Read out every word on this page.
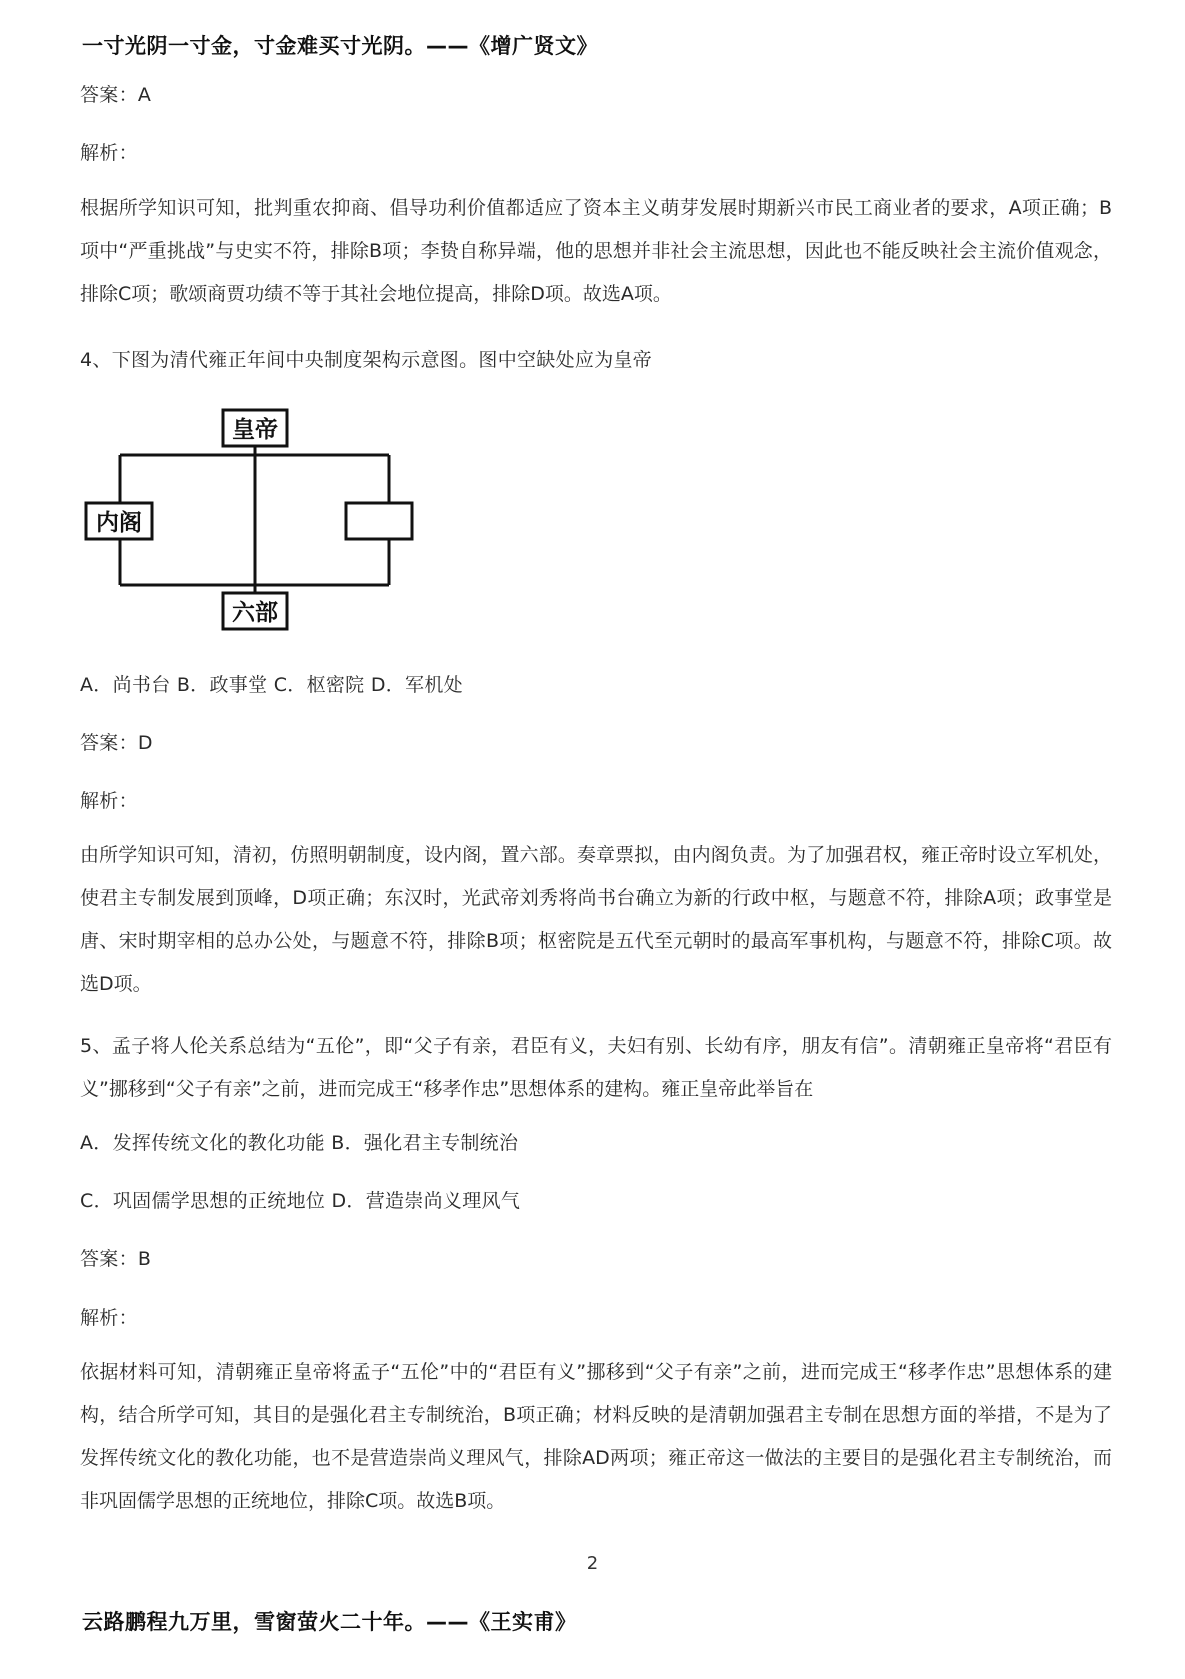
一寸光阴一寸金，寸金难买寸光阴。——《增广贤文》
答案：A
解析：
根据所学知识可知，批判重农抑商、倡导功利价值都适应了资本主义萌芽发展时期新兴市民工商业者的要求，A项正确；B项中“严重挑战”与史实不符，排除B项；李贽自称异端，他的思想并非社会主流思想，因此也不能反映社会主流价值观念，排除C项；歌颂商贾功绩不等于其社会地位提高，排除D项。故选A项。
4、下图为清代雍正年间中央制度架构示意图。图中空缺处应为皇帝
皇帝
内阁
六部
A．尚书台 B．政事堂 C．枢密院 D．军机处
答案：D
解析：
由所学知识可知，清初，仿照明朝制度，设内阁，置六部。奏章票拟，由内阁负责。为了加强君权，雍正帝时设立军机处，使君主专制发展到顶峰，D项正确；东汉时，光武帝刘秀将尚书台确立为新的行政中枢，与题意不符，排除A项；政事堂是唐、宋时期宰相的总办公处，与题意不符，排除B项；枢密院是五代至元朝时的最高军事机构，与题意不符，排除C项。故选D项。
5、孟子将人伦关系总结为“五伦”，即“父子有亲，君臣有义，夫妇有别、长幼有序，朋友有信”。清朝雍正皇帝将“君臣有义”挪移到“父子有亲”之前，进而完成王“移孝作忠”思想体系的建构。雍正皇帝此举旨在
A．发挥传统文化的教化功能 B．强化君主专制统治
C．巩固儒学思想的正统地位 D．营造崇尚义理风气
答案：B
解析：
依据材料可知，清朝雍正皇帝将孟子“五伦”中的“君臣有义”挪移到“父子有亲”之前，进而完成王“移孝作忠”思想体系的建构，结合所学可知，其目的是强化君主专制统治，B项正确；材料反映的是清朝加强君主专制在思想方面的举措，不是为了发挥传统文化的教化功能，也不是营造崇尚义理风气，排除AD两项；雍正帝这一做法的主要目的是强化君主专制统治，而非巩固儒学思想的正统地位，排除C项。故选B项。
2
云路鹏程九万里，雪窗萤火二十年。——《王实甫》
